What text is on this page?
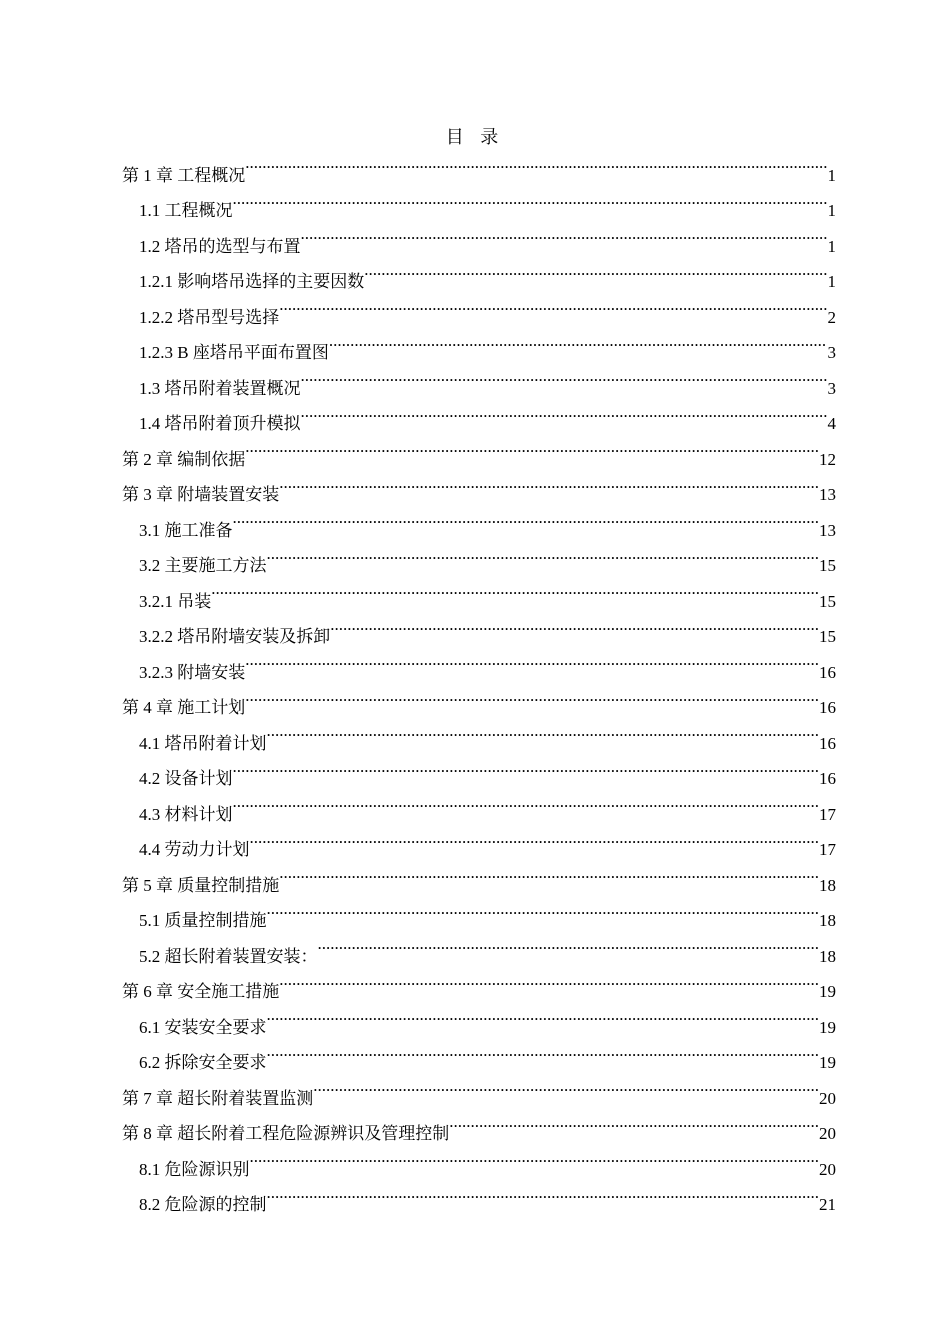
目 录
第 1 章 工程概况 .....	1
1.1 工程概况 .....	1
1.2 塔吊的选型与布置 .....	1
1.2.1 影响塔吊选择的主要因数 .....	1
1.2.2 塔吊型号选择 .....	2
1.2.3 B 座塔吊平面布置图 .....	3
1.3 塔吊附着装置概况 .....	3
1.4 塔吊附着顶升模拟 .....	4
第 2 章 编制依据 .....	12
第 3 章 附墙装置安装 .....	13
3.1 施工准备 .....	13
3.2 主要施工方法 .....	15
3.2.1 吊装 .....	15
3.2.2 塔吊附墙安装及拆卸 .....	15
3.2.3 附墙安装 .....	16
第 4 章 施工计划 .....	16
4.1 塔吊附着计划 .....	16
4.2 设备计划 .....	16
4.3 材料计划 .....	17
4.4 劳动力计划 .....	17
第 5 章 质量控制措施 .....	18
5.1 质量控制措施 .....	18
5.2 超长附着装置安装： .....	18
第 6 章 安全施工措施 .....	19
6.1 安装安全要求 .....	19
6.2 拆除安全要求 .....	19
第 7 章 超长附着装置监测 .....	20
第 8 章 超长附着工程危险源辨识及管理控制 .....	20
8.1 危险源识别 .....	20
8.2 危险源的控制 .....	21
